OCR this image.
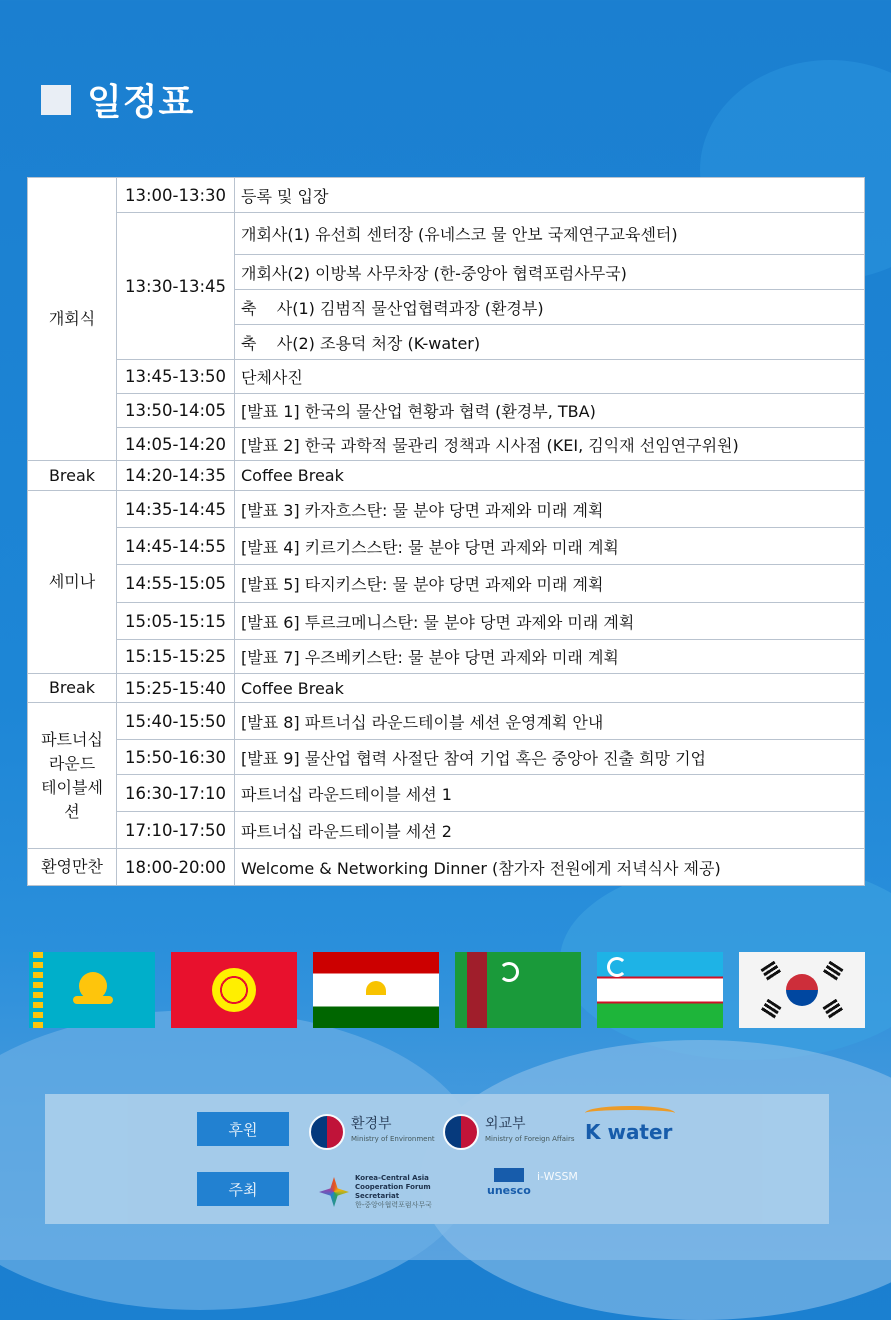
일정표
개회식	13:00-13:30	등록 및 입장
	13:30-13:45	개회사(1) 유선희 센터장 (유네스코 물 안보 국제연구교육센터)
		개회사(2) 이방복 사무차장 (한-중앙아 협력포럼사무국)
		축    사(1) 김범직 물산업협력과장 (환경부)
		축    사(2) 조용덕 처장 (K-water)
	13:45-13:50	단체사진
	13:50-14:05	[발표 1] 한국의 물산업 현황과 협력 (환경부, TBA)
	14:05-14:20	[발표 2] 한국 과학적 물관리 정책과 시사점 (KEI, 김익재 선임연구위원)
Break	14:20-14:35	Coffee Break
세미나	14:35-14:45	[발표 3] 카자흐스탄: 물 분야 당면 과제와 미래 계획
	14:45-14:55	[발표 4] 키르기스스탄: 물 분야 당면 과제와 미래 계획
	14:55-15:05	[발표 5] 타지키스탄: 물 분야 당면 과제와 미래 계획
	15:05-15:15	[발표 6] 투르크메니스탄: 물 분야 당면 과제와 미래 계획
	15:15-15:25	[발표 7] 우즈베키스탄: 물 분야 당면 과제와 미래 계획
Break	15:25-15:40	Coffee Break
파트너십
라운드
테이블세션	15:40-15:50	[발표 8] 파트너십 라운드테이블 세션 운영계획 안내
	15:50-16:30	[발표 9] 물산업 협력 사절단 참여 기업 혹은 중앙아 진출 희망 기업
	16:30-17:10	파트너십 라운드테이블 세션 1
	17:10-17:50	파트너십 라운드테이블 세션 2
환영만찬	18:00-20:00	Welcome & Networking Dinner (참가자 전원에게 저녁식사 제공)
후원
주최
환경부
Ministry of Environment
외교부
Ministry of Foreign Affairs K water
Korea-Central Asia Cooperation Forum Secretariat
한-중앙아협력포럼사무국
unesco
i-WSSM
